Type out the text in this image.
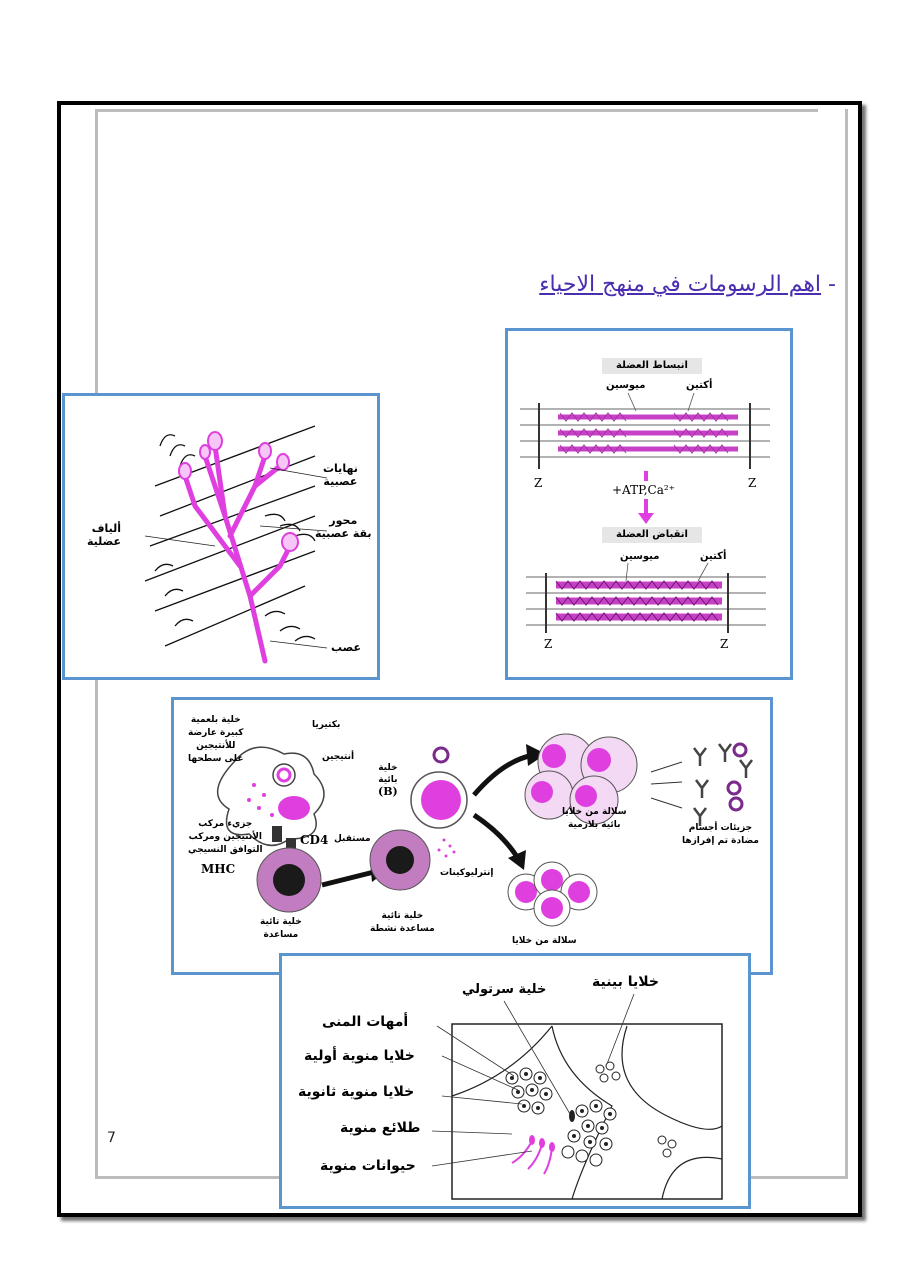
- اهم الرسومات في منهج الاحياء
نهايات
عصبية
محور
بقة عصبية
ألياف
عضلية
عصب
انبساط العضلة
ميوسين	أكتين
Z	Z
+ATP,Ca²⁺
انقباض العضلة
ميوسين	أكتين
Z	Z
خلية بلعمية
كبيرة عارضة
للأنتيجين
على سطحها
بكتيريا
أنتيجين
جزيء مركب
الأنتيجين ومركب
التوافق النسيجي
MHC
CD4 مستقبل
خلية
بائية
(B)
إنترليوكينات
سلالة من خلايا
بائية بلازمية	جزيئات أجسام
مضادة تم إفرازها
خلية تائية
مساعدة
خلية تائية
مساعدة نشطة
سلالة من خلايا
خلايا بينية
خلية سرتولي
أمهات المنى
خلايا منوية أولية
خلايا منوية ثانوية
طلائع منوية
حيوانات منوية
7
